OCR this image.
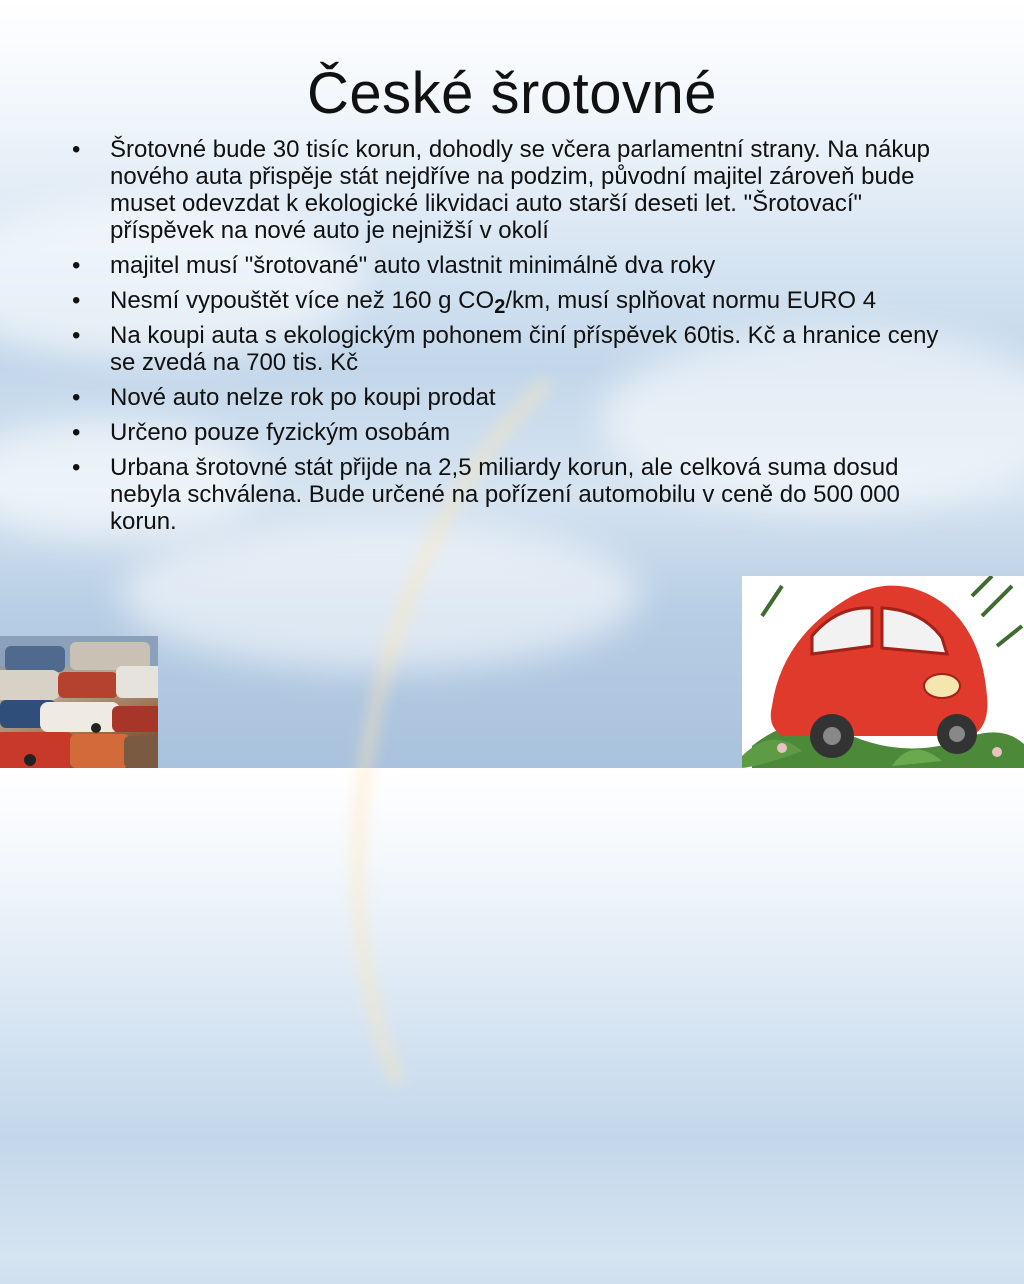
České šrotovné
• Šrotovné bude 30 tisíc korun, dohodly se včera parlamentní strany. Na nákup nového auta přispěje stát nejdříve na podzim, původní majitel zároveň bude muset odevzdat k ekologické likvidaci auto starší deseti let. "Šrotovací" příspěvek na nové auto je nejnižší v okolí
• majitel musí "šrotované" auto vlastnit minimálně dva roky
• Nesmí vypouštět více než 160 g $CO_2/km$, musí splňovat normu EURO 4
• Na koupi auta s ekologickým pohonem činí příspěvek 60tis. Kč a hranice ceny se zvedá na 700 tis. Kč
• Nové auto nelze rok po koupi prodat
• Určeno pouze fyzickým osobám
• Urbana šrotovné stát přijde na 2,5 miliardy korun, ale celková suma dosud nebyla schválena. Bude určené na pořízení automobilu v ceně do 500 000 korun.
